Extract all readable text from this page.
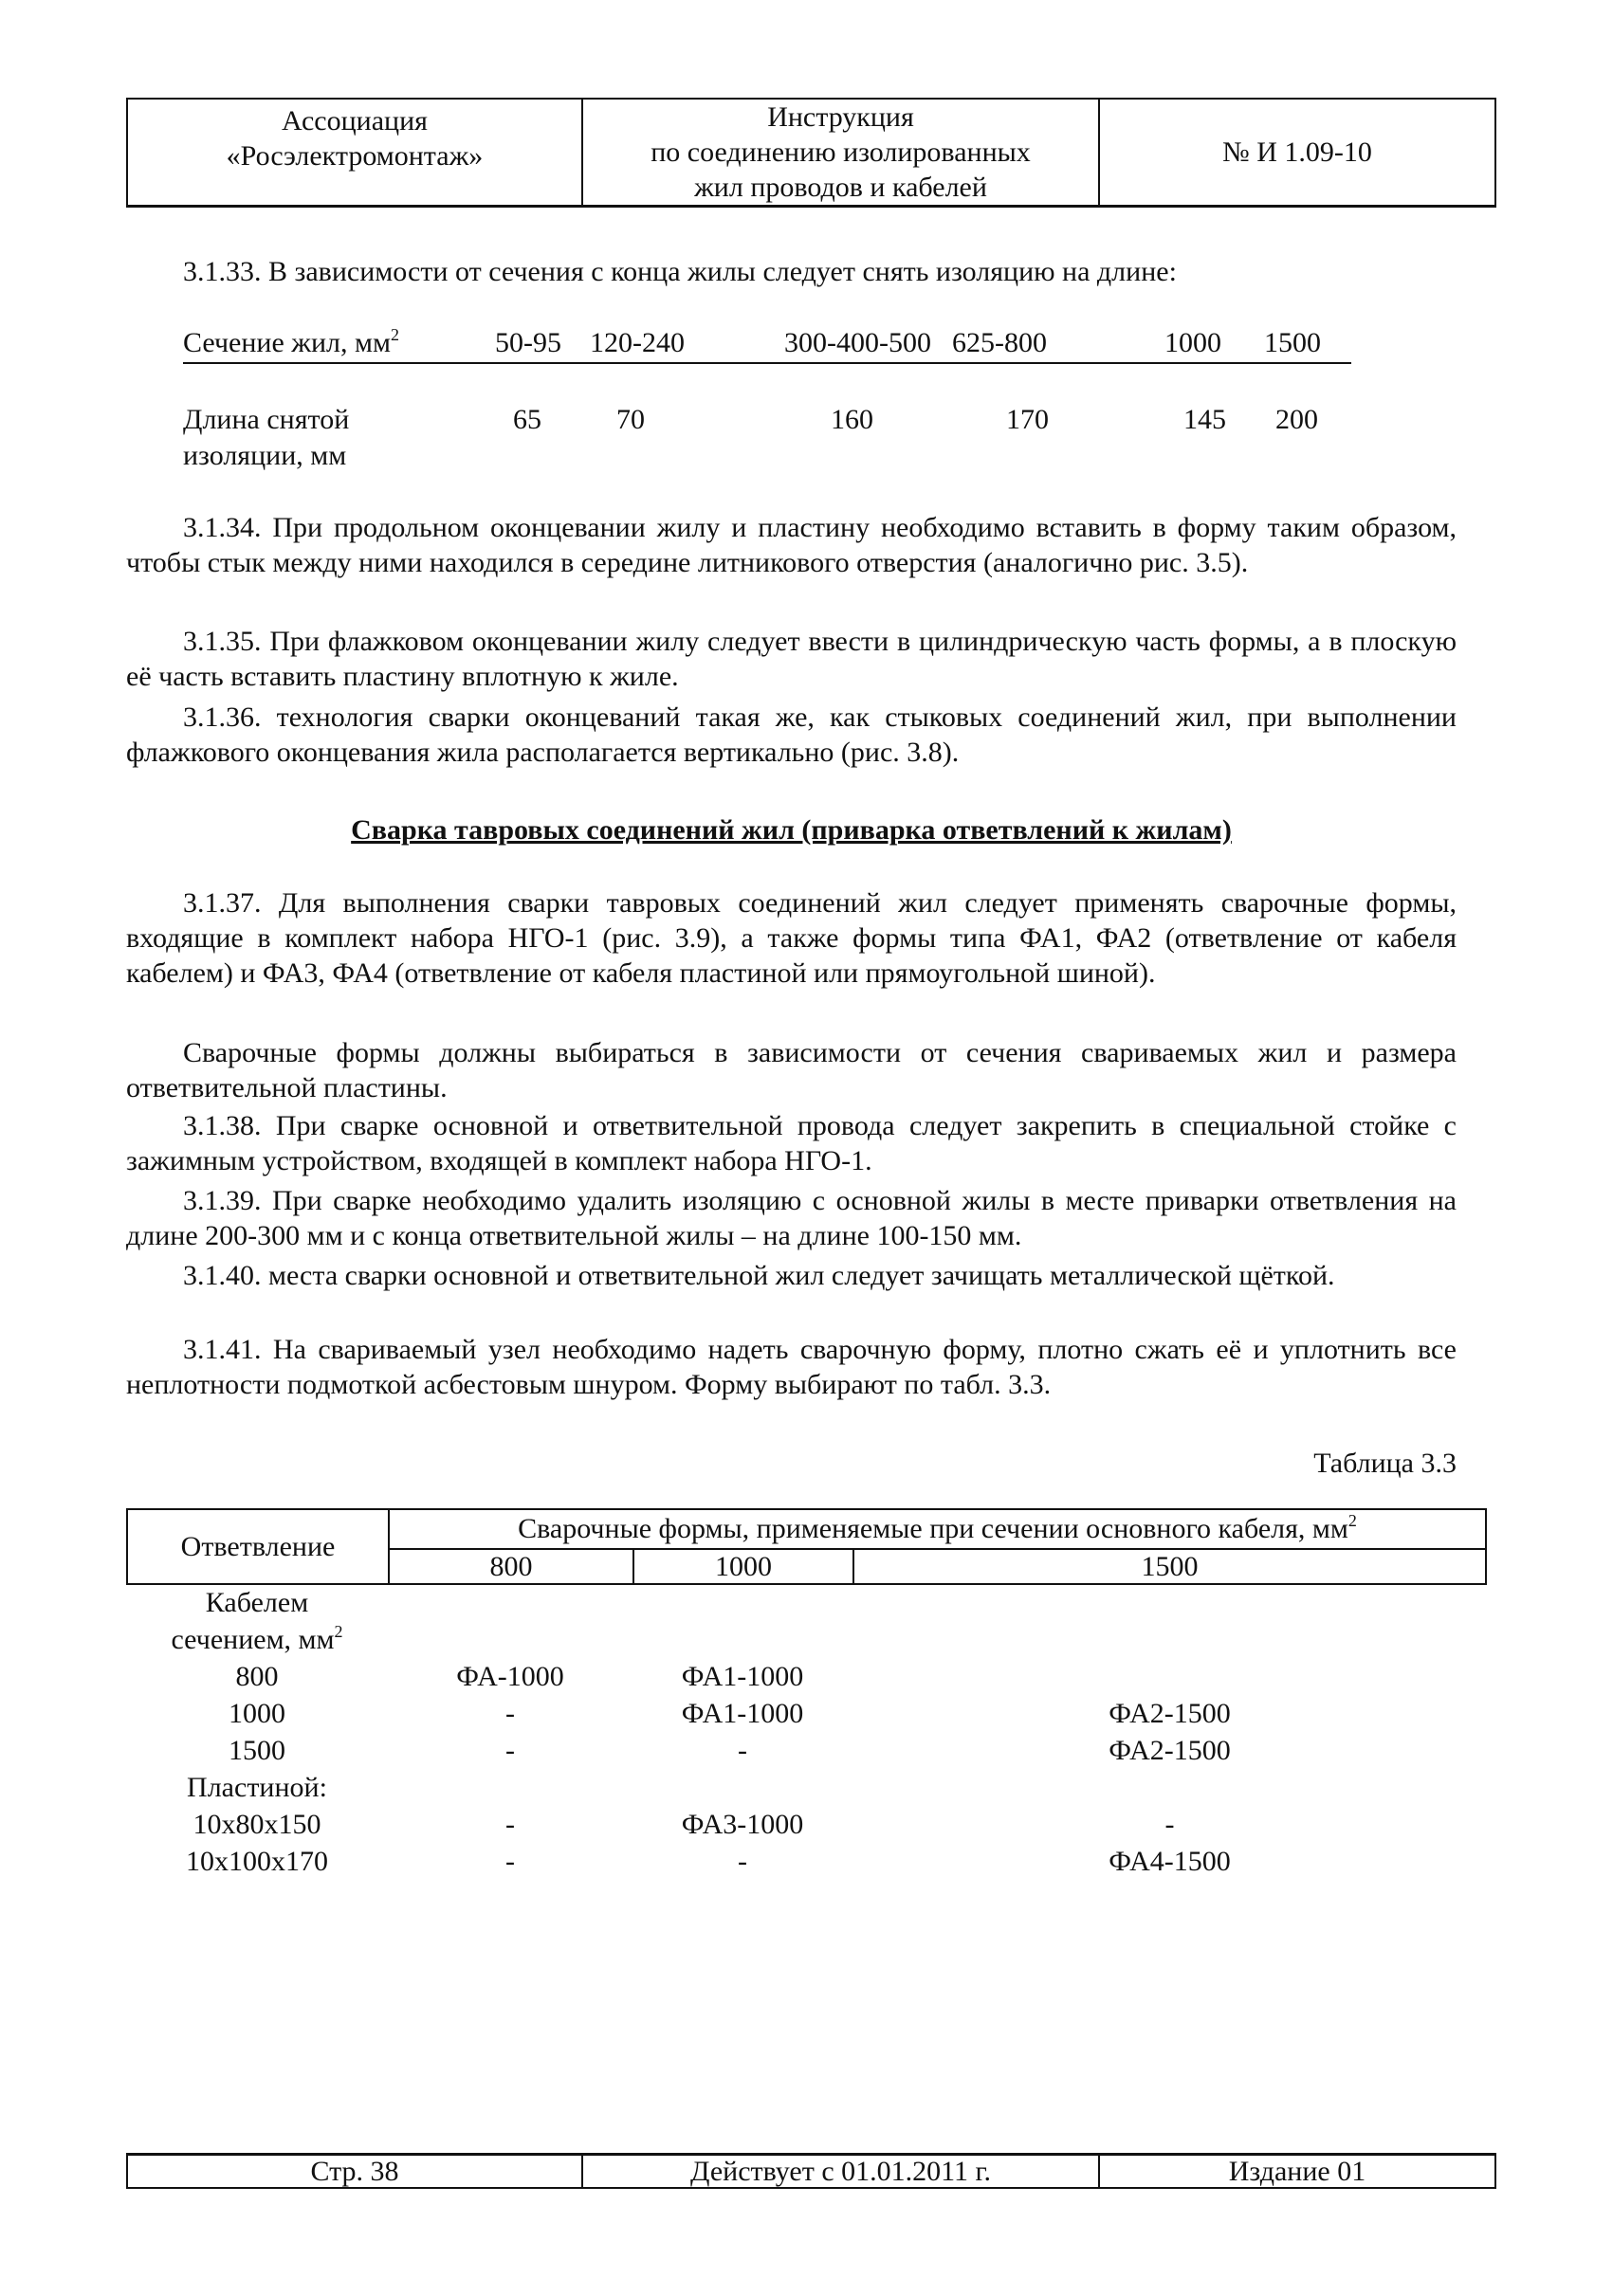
Ассоциация
«Росэлектромонтаж»
Инструкция
по соединению изолированных
жил проводов и кабелей
№ И 1.09-10
3.1.33. В зависимости от сечения с конца жилы следует снять изоляцию на длине:
Сечение жил, $мм^2$	50-95 120-240	300-400-500 625-800	1000 1500
Длина снятой
изоляции, мм
65	70	160	170	145 200
3.1.34. При продольном оконцевании жилу и пластину необходимо вставить в форму таким образом, чтобы стык между ними находился в середине литникового отверстия (аналогично рис. 3.5).
3.1.35. При флажковом оконцевании жилу следует ввести в цилиндрическую часть формы, а в плоскую её часть вставить пластину вплотную к жиле.
3.1.36. технология сварки оконцеваний такая же, как стыковых соединений жил, при выполнении флажкового оконцевания жила располагается вертикально (рис. 3.8).
Сварка тавровых соединений жил (приварка ответвлений к жилам)
3.1.37. Для выполнения сварки тавровых соединений жил следует применять сварочные формы, входящие в комплект набора НГО-1 (рис. 3.9), а также формы типа ФА1, ФА2 (ответвление от кабеля кабелем) и ФА3, ФА4 (ответвление от кабеля пластиной или прямоугольной шиной).
Сварочные формы должны выбираться в зависимости от сечения свариваемых жил и размера ответвительной пластины.
3.1.38. При сварке основной и ответвительной провода следует закрепить в специальной стойке с зажимным устройством, входящей в комплект набора НГО-1.
3.1.39. При сварке необходимо удалить изоляцию с основной жилы в месте приварки ответвления на длине 200-300 мм и с конца ответвительной жилы – на длине 100-150 мм.
3.1.40. места сварки основной и ответвительной жил следует зачищать металлической щёткой.
3.1.41. На свариваемый узел необходимо надеть сварочную форму, плотно сжать её и уплотнить все неплотности подмоткой асбестовым шнуром. Форму выбирают по табл. 3.3.
Таблица 3.3
Ответвление
Сварочные формы, применяемые при сечении основного кабеля, $мм^2$
800	1000	1500
Кабелем
сечением, $мм^2$
800	ФА-1000	ФА1-1000
1000	-	ФА1-1000	ФА2-1500
1500	-	-	ФА2-1500
Пластиной:
10x80x150	-	ФА3-1000	-
10x100x170	-	-	ФА4-1500
Стр. 38	Действует с 01.01.2011 г.	Издание 01
